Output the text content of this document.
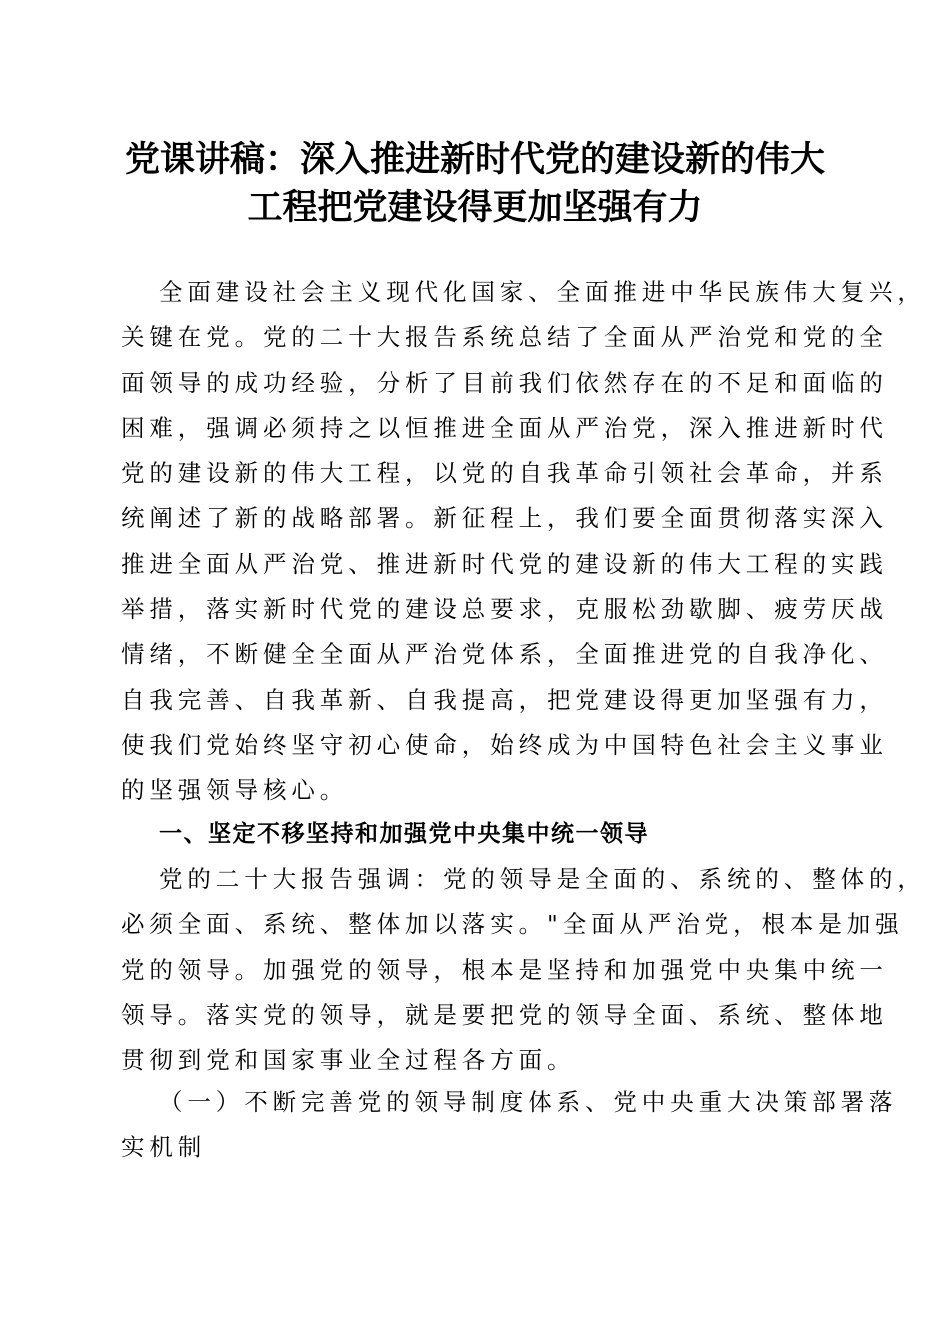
党课讲稿：深入推进新时代党的建设新的伟大
工程把党建设得更加坚强有力
全面建设社会主义现代化国家、全面推进中华民族伟大复兴，
关键在党。党的二十大报告系统总结了全面从严治党和党的全
面领导的成功经验，分析了目前我们依然存在的不足和面临的
困难，强调必须持之以恒推进全面从严治党，深入推进新时代
党的建设新的伟大工程，以党的自我革命引领社会革命，并系
统阐述了新的战略部署。新征程上，我们要全面贯彻落实深入
推进全面从严治党、推进新时代党的建设新的伟大工程的实践
举措，落实新时代党的建设总要求，克服松劲歇脚、疲劳厌战
情绪，不断健全全面从严治党体系，全面推进党的自我净化、
自我完善、自我革新、自我提高，把党建设得更加坚强有力，
使我们党始终坚守初心使命，始终成为中国特色社会主义事业
的坚强领导核心。
一、坚定不移坚持和加强党中央集中统一领导
党的二十大报告强调：党的领导是全面的、系统的、整体的，
必须全面、系统、整体加以落实。"全面从严治党，根本是加强
党的领导。加强党的领导，根本是坚持和加强党中央集中统一
领导。落实党的领导，就是要把党的领导全面、系统、整体地
贯彻到党和国家事业全过程各方面。
（一）不断完善党的领导制度体系、党中央重大决策部署落
实机制
